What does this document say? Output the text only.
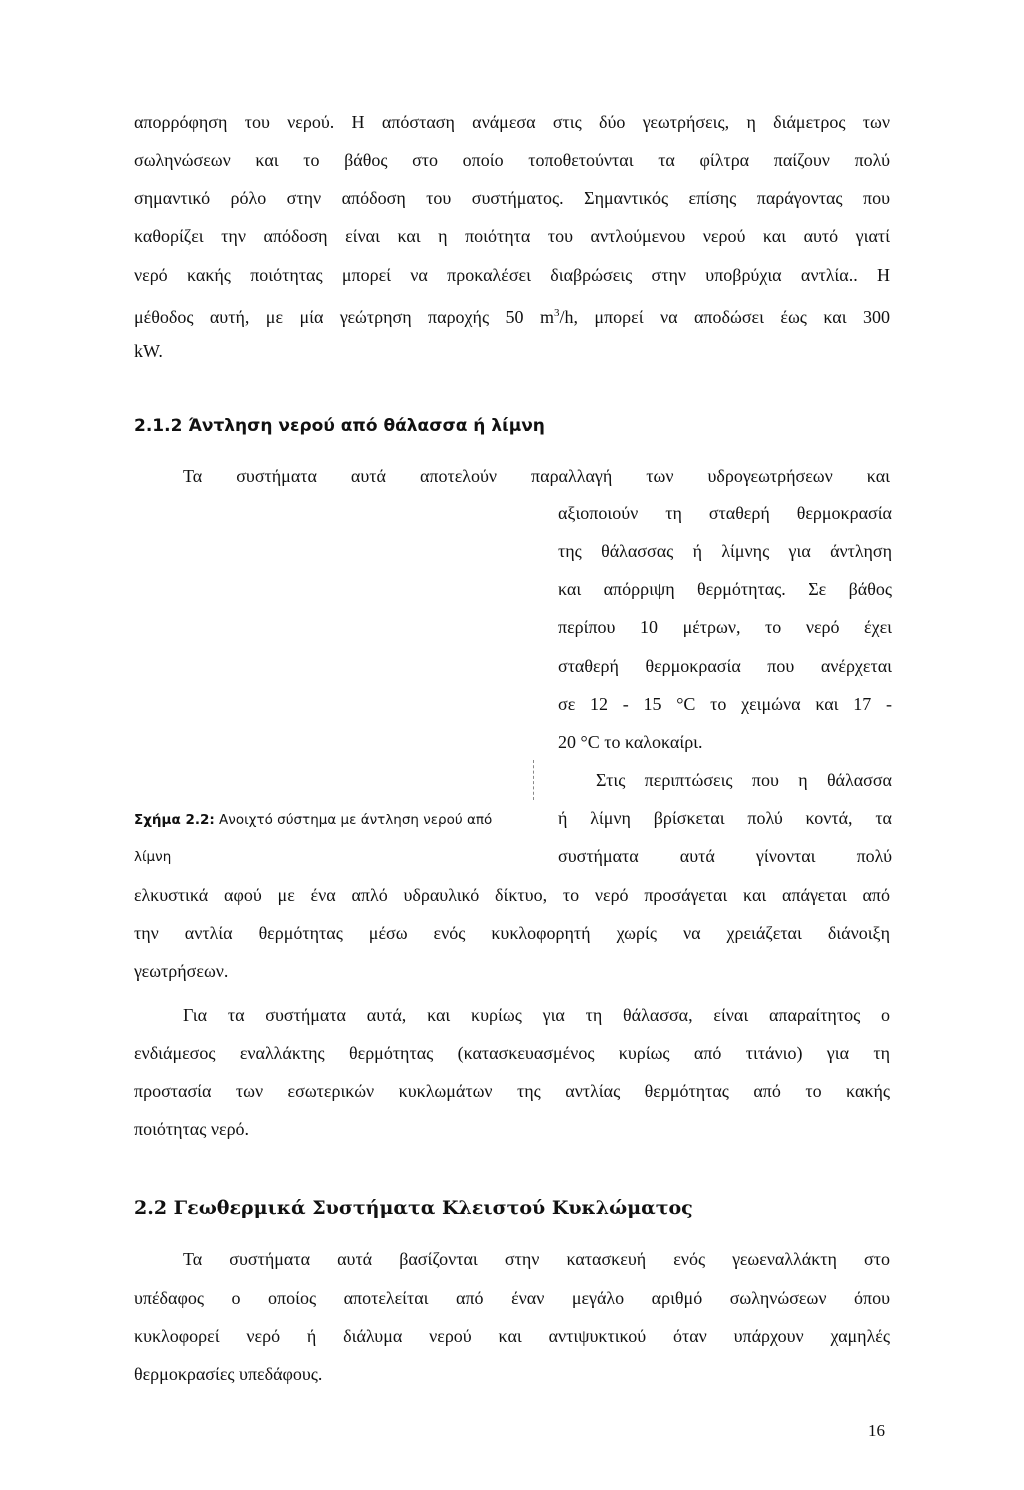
απορρόφηση του νερού. Η απόσταση ανάμεσα στις δύο γεωτρήσεις, η διάμετρος των
σωληνώσεων και το βάθος στο οποίο τοποθετούνται τα φίλτρα παίζουν πολύ
σημαντικό ρόλο στην απόδοση του συστήματος. Σημαντικός επίσης παράγοντας που
καθορίζει την απόδοση είναι και η ποιότητα του αντλούμενου νερού και αυτό γιατί
νερό κακής ποιότητας μπορεί να προκαλέσει διαβρώσεις στην υποβρύχια αντλία.. Η
μέθοδος αυτή, με μία γεώτρηση παροχής 50 $m^3/h$, μπορεί να αποδώσει έως και 300
kW.
2.1.2 Άντληση νερού από θάλασσα ή λίμνη
Τα συστήματα αυτά αποτελούν παραλλαγή των υδρογεωτρήσεων και
αξιοποιούν τη σταθερή θερμοκρασία
της θάλασσας ή λίμνης για άντληση
και απόρριψη θερμότητας. Σε βάθος
περίπου 10 μέτρων, το νερό έχει
σταθερή θερμοκρασία που ανέρχεται
σε 12 - 15 °C το χειμώνα και 17 -
20 °C το καλοκαίρι.
Στις περιπτώσεις που η θάλασσα
ή λίμνη βρίσκεται πολύ κοντά, τα
συστήματα αυτά γίνονται πολύ
Σχήμα 2.2: Ανοιχτό σύστημα με άντληση νερού από
λίμνη
ελκυστικά αφού με ένα απλό υδραυλικό δίκτυο, το νερό προσάγεται και απάγεται από
την αντλία θερμότητας μέσω ενός κυκλοφορητή χωρίς να χρειάζεται διάνοιξη
γεωτρήσεων.
Για τα συστήματα αυτά, και κυρίως για τη θάλασσα, είναι απαραίτητος ο
ενδιάμεσος εναλλάκτης θερμότητας (κατασκευασμένος κυρίως από τιτάνιο) για τη
προστασία των εσωτερικών κυκλωμάτων της αντλίας θερμότητας από το κακής
ποιότητας νερό.
2.2 Γεωθερμικά Συστήματα Κλειστού Κυκλώματος
Τα συστήματα αυτά βασίζονται στην κατασκευή ενός γεωεναλλάκτη στο
υπέδαφος ο οποίος αποτελείται από έναν μεγάλο αριθμό σωληνώσεων όπου
κυκλοφορεί νερό ή διάλυμα νερού και αντιψυκτικού όταν υπάρχουν χαμηλές
θερμοκρασίες υπεδάφους.
16
